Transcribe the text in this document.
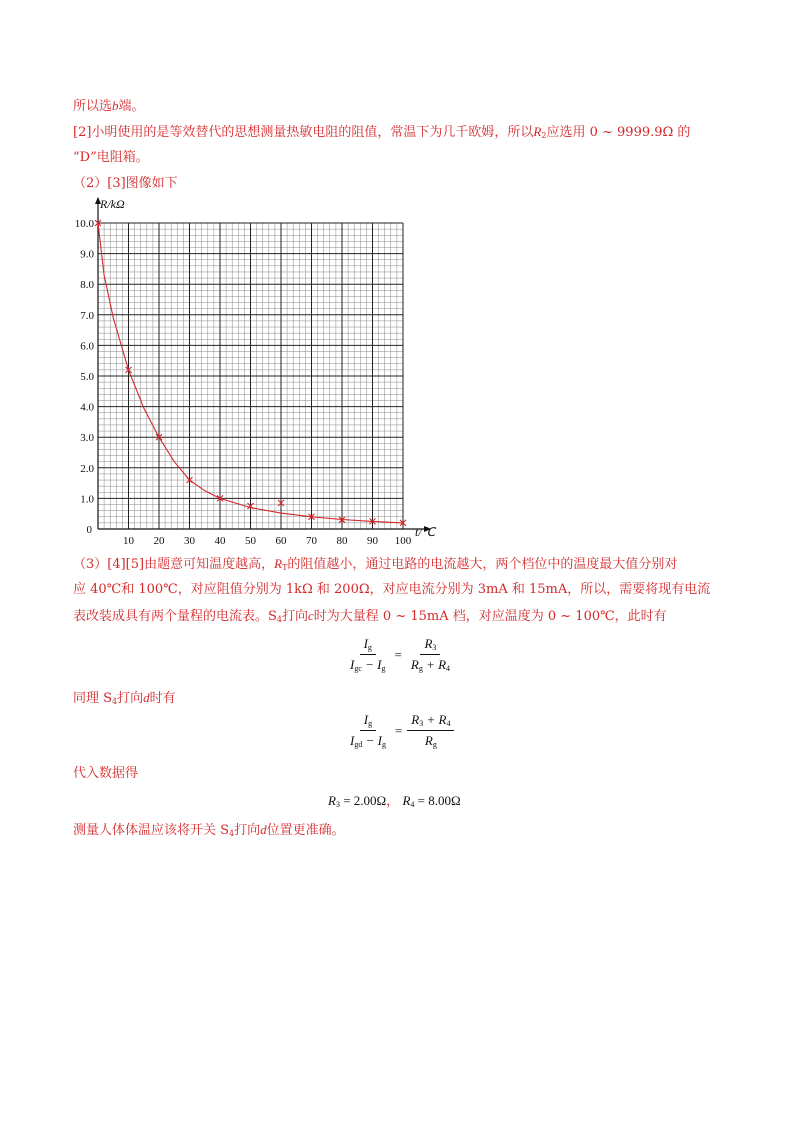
所以选b端。
[2]小明使用的是等效替代的思想测量热敏电阻的阻值，常温下为几千欧姆，所以$R_2$应选用 0 ~ 9999.9Ω 的
“D”电阻箱。
（2）[3]图像如下
10 20 30 40 50 60 70 80 90 100
1.0
2.0
3.0
4.0
5.0
6.0
7.0
8.0
9.0
10.0
0
R/kΩ
t/℃
（3）[4][5]由题意可知温度越高，$R_T$的阻值越小，通过电路的电流越大，两个档位中的温度最大值分别对
应 40℃和 100℃，对应阻值分别为 1kΩ 和 200Ω，对应电流分别为 3mA 和 15mA，所以，需要将现有电流
表改装成具有两个量程的电流表。$S_4$打向c时为大量程 0 ~ 15mA 档，对应温度为 0 ~ 100℃，此时有
$\frac{I_g}{I_{gc} - I_g} = \frac{R_3}{R_g + R_4}$
同理 $S_4$打向d时有
$\frac{I_g}{I_{gd} - I_g} = \frac{R_3 + R_4}{R_g}$
代入数据得
$R_3 = 2.00\Omega$， $R_4 = 8.00\Omega$
测量人体体温应该将开关 $S_4$打向d位置更准确。
